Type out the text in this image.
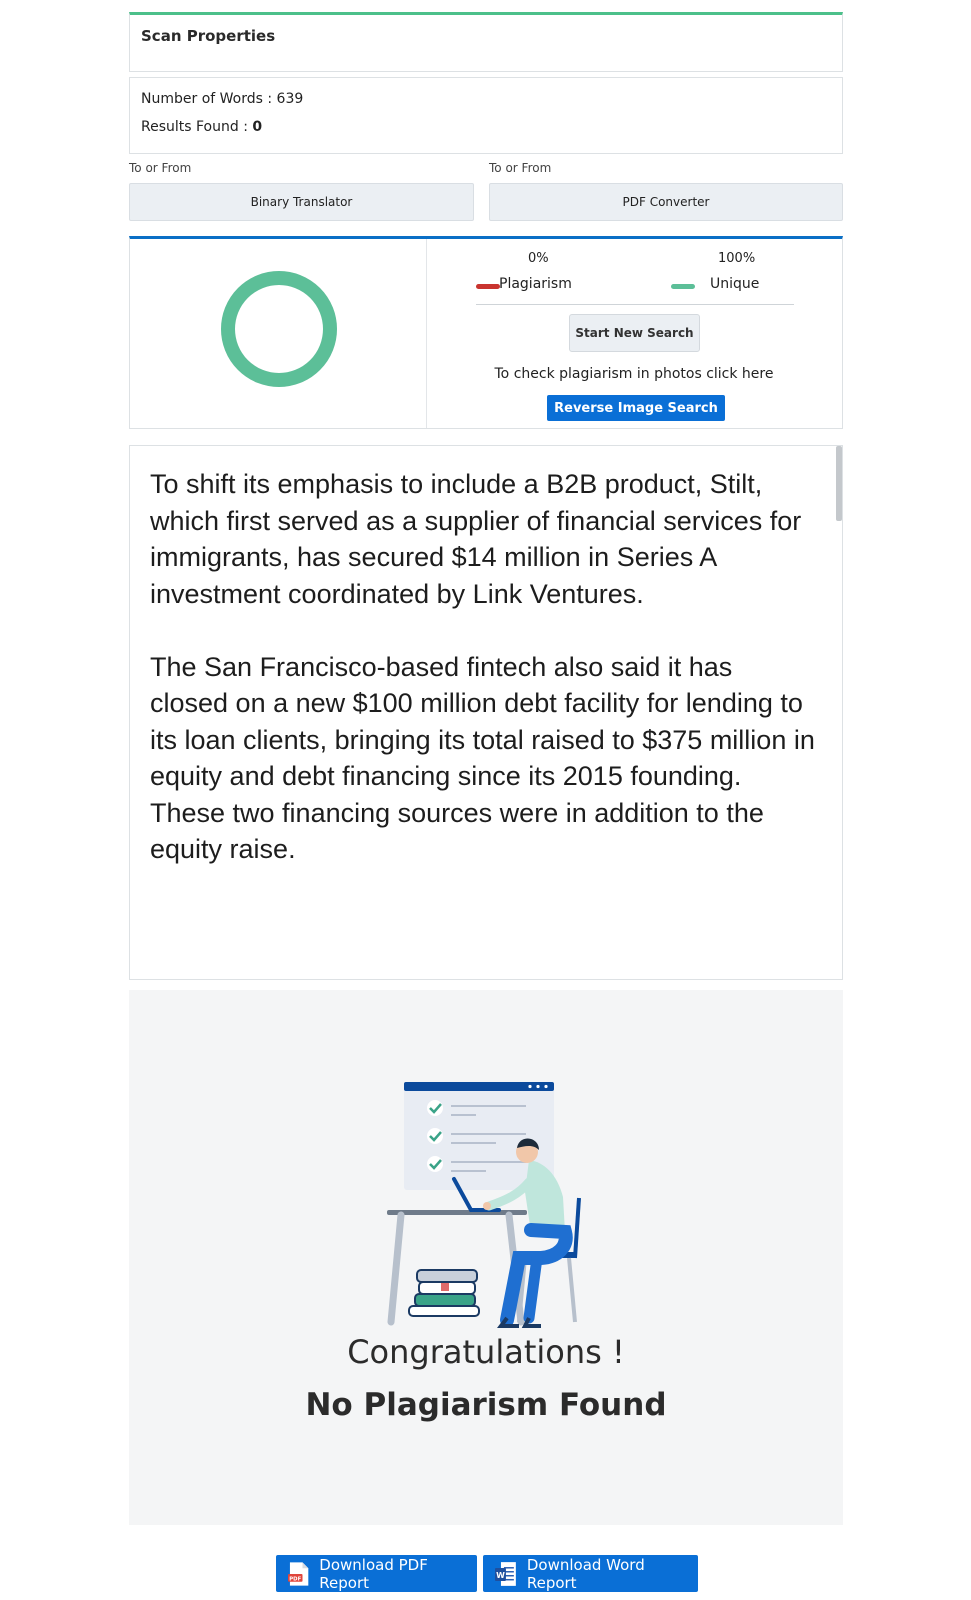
Scan Properties
Number of Words : 639
Results Found : 0
To or From
Binary Translator
To or From
PDF Converter
0%	100%
Plagiarism	Unique
Start New Search
To check plagiarism in photos click here
Reverse Image Search

To shift its emphasis to include a B2B product, Stilt, which first served as a supplier of financial services for immigrants, has secured $14 million in Series A investment coordinated by Link Ventures.

The San Francisco-based fintech also said it has closed on a new $100 million debt facility for lending to its loan clients, bringing its total raised to $375 million in equity and debt financing since its 2015 founding. These two financing sources were in addition to the equity raise.

Congratulations !
No Plagiarism Found
PDF
Download PDF Report	W
Download Word Report
